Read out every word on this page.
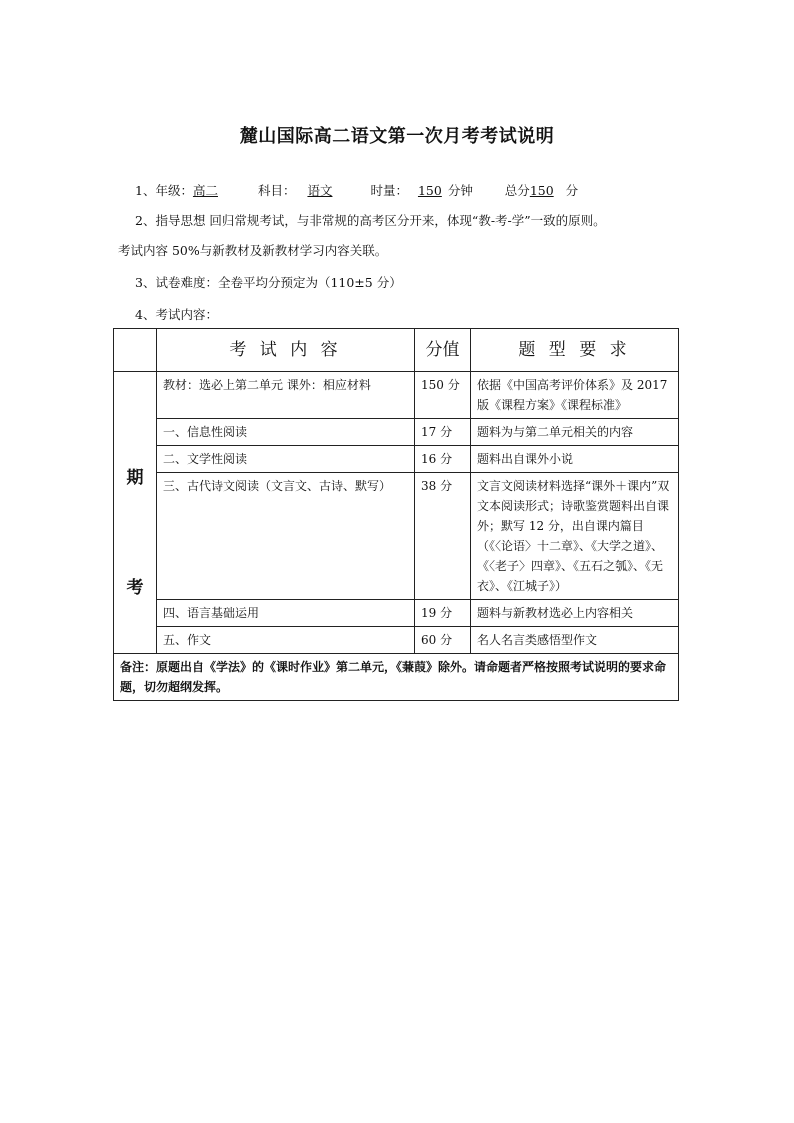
麓山国际高二语文第一次月考考试说明
1、年级：高二	科目： 语文	时量： 150 分钟	总分150 分
2、指导思想 回归常规考试，与非常规的高考区分开来，体现“教-考-学”一致的原则。
考试内容 50%与新教材及新教材学习内容关联。
3、试卷难度：全卷平均分预定为（110±5 分）
4、考试内容：
	考 试 内 容	分值	题 型 要 求

期
考	教材：选必上第二单元 课外：相应材料	150 分	依据《中国高考评价体系》及 2017 版《课程方案》《课程标准》
	一、信息性阅读	17 分	题料为与第二单元相关的内容
	二、文学性阅读	16 分	题料出自课外小说
	三、古代诗文阅读（文言文、古诗、默写）	38 分	文言文阅读材料选择“课外＋课内”双文本阅读形式；诗歌鉴赏题料出自课外；默写 12 分，出自课内篇目（《〈论语〉十二章》、《大学之道》、《〈老子〉四章》、《五石之瓠》、《无衣》、《江城子》）
	四、语言基础运用	19 分	题料与新教材选必上内容相关
	五、作文	60 分	名人名言类感悟型作文
备注：原题出自《学法》的《课时作业》第二单元，《蒹葭》除外。请命题者严格按照考试说明的要求命题，切勿超纲发挥。			
